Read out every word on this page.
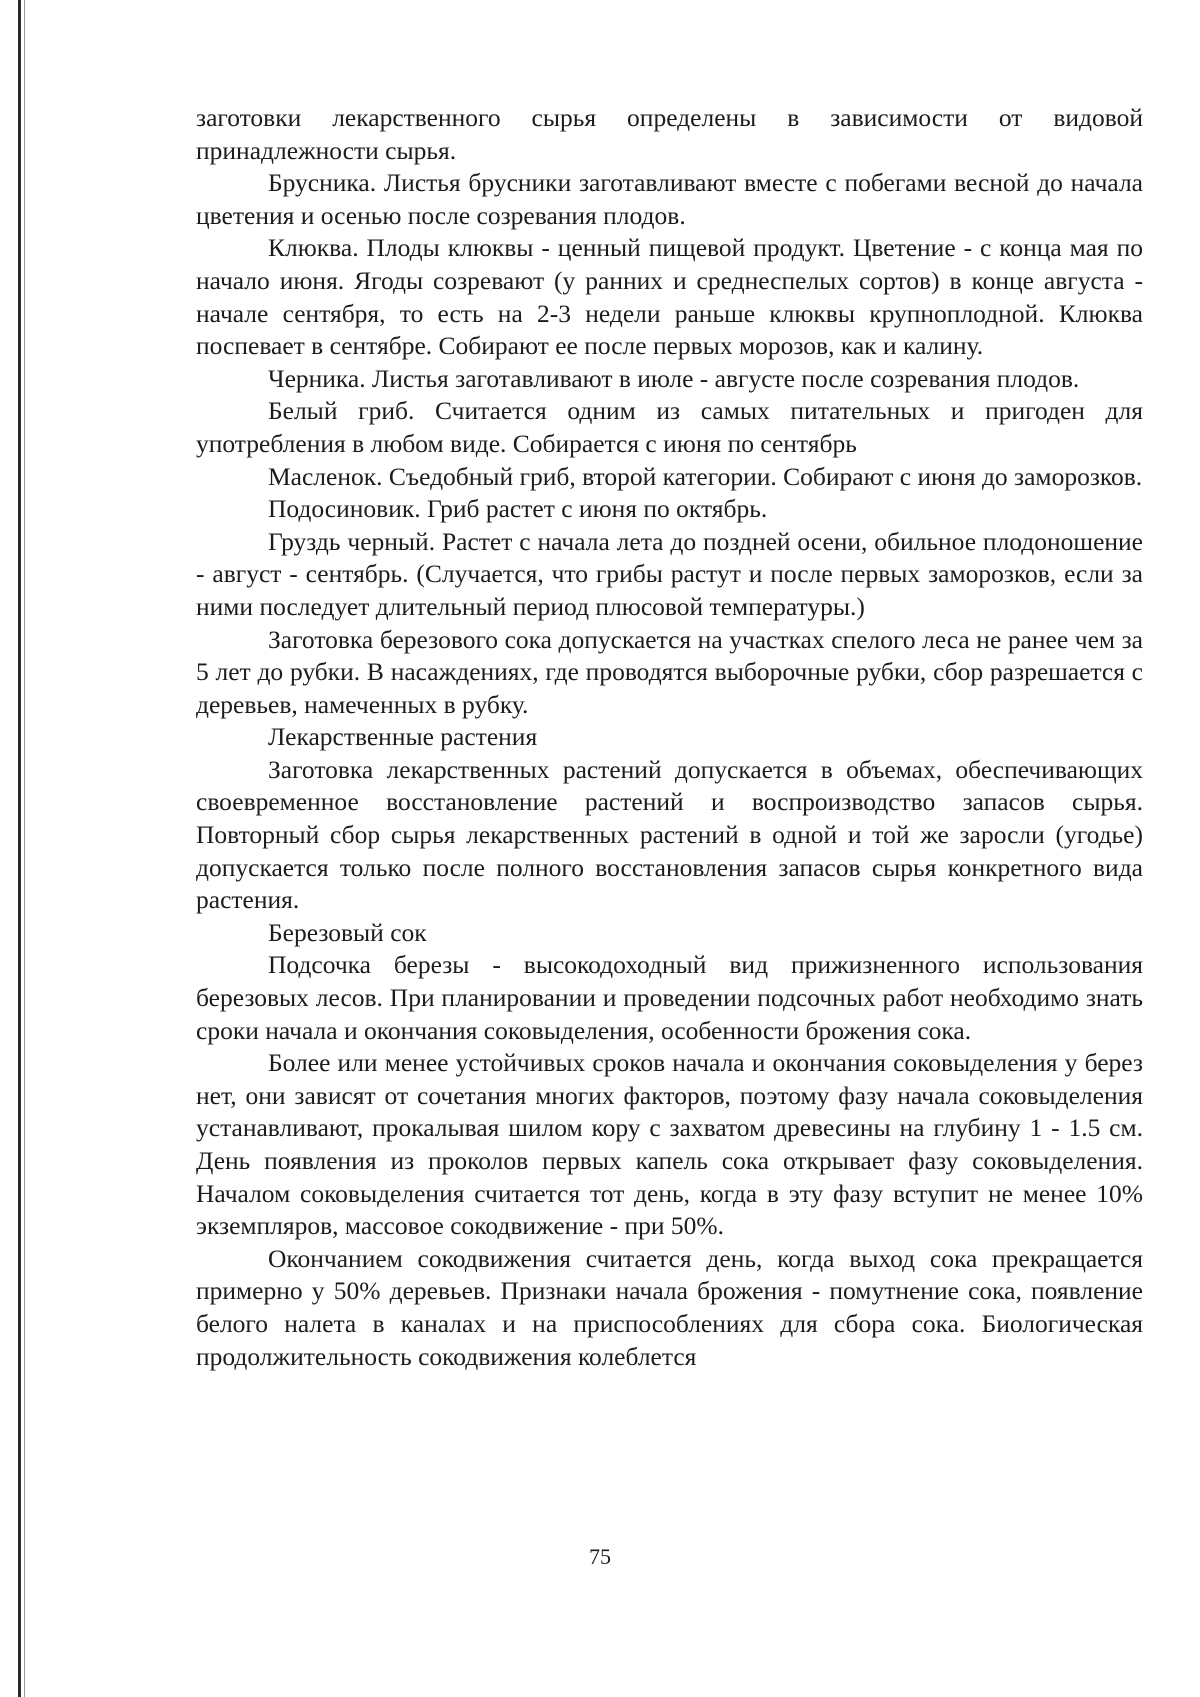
заготовки лекарственного сырья определены в зависимости от видовой принадлежности сырья.

Брусника. Листья брусники заготавливают вместе с побегами весной до начала цветения и осенью после созревания плодов.

Клюква. Плоды клюквы - ценный пищевой продукт. Цветение - с конца мая по начало июня. Ягоды созревают (у ранних и среднеспелых сортов) в конце августа - начале сентября, то есть на 2-3 недели раньше клюквы крупноплодной. Клюква поспевает в сентябре. Собирают ее после первых морозов, как и калину.

Черника. Листья заготавливают в июле - августе после созревания плодов.

Белый гриб. Считается одним из самых питательных и пригоден для употребления в любом виде. Собирается с июня по сентябрь

Масленок. Съедобный гриб, второй категории. Собирают с июня до заморозков.

Подосиновик. Гриб растет с июня по октябрь.

Груздь черный. Растет с начала лета до поздней осени, обильное плодоношение - август - сентябрь. (Случается, что грибы растут и после первых заморозков, если за ними последует длительный период плюсовой температуры.)

Заготовка березового сока допускается на участках спелого леса не ранее чем за 5 лет до рубки. В насаждениях, где проводятся выборочные рубки, сбор разрешается с деревьев, намеченных в рубку.

Лекарственные растения

Заготовка лекарственных растений допускается в объемах, обеспечивающих своевременное восстановление растений и воспроизводство запасов сырья. Повторный сбор сырья лекарственных растений в одной и той же заросли (угодье) допускается только после полного восстановления запасов сырья конкретного вида растения.

Березовый сок

Подсочка березы - высокодоходный вид прижизненного использования березовых лесов. При планировании и проведении подсочных работ необходимо знать сроки начала и окончания соковыделения, особенности брожения сока.

Более или менее устойчивых сроков начала и окончания соковыделения у берез нет, они зависят от сочетания многих факторов, поэтому фазу начала соковыделения устанавливают, прокалывая шилом кору с захватом древесины на глубину 1 - 1.5 см. День появления из проколов первых капель сока открывает фазу соковыделения. Началом соковыделения считается тот день, когда в эту фазу вступит не менее 10% экземпляров, массовое сокодвижение - при 50%.

Окончанием сокодвижения считается день, когда выход сока прекращается примерно у 50% деревьев. Признаки начала брожения - помутнение сока, появление белого налета в каналах и на приспособлениях для сбора сока. Биологическая продолжительность сокодвижения колеблется

75
